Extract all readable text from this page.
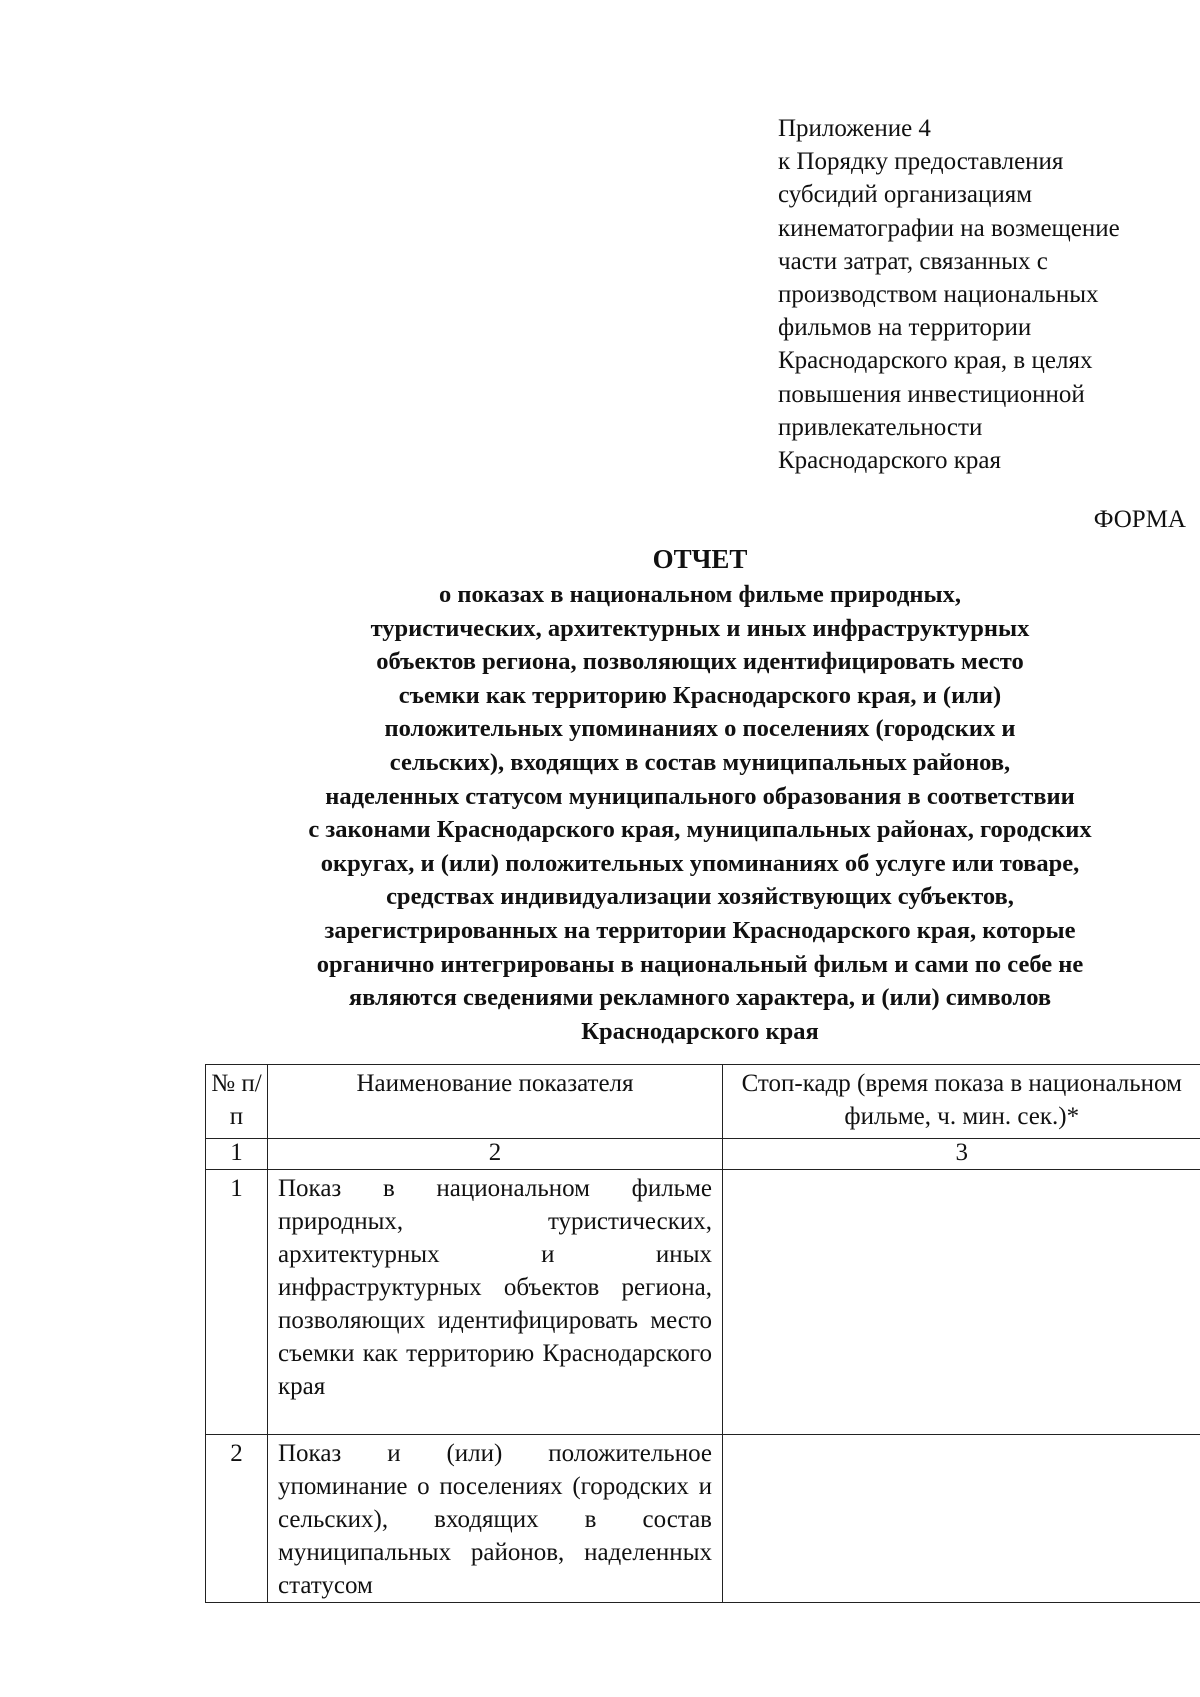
Приложение 4
к Порядку предоставления
субсидий организациям
кинематографии на возмещение
части затрат, связанных с
производством национальных
фильмов на территории
Краснодарского края, в целях
повышения инвестиционной
привлекательности
Краснодарского края
ФОРМА
ОТЧЕТ
о показах в национальном фильме природных,
туристических, архитектурных и иных инфраструктурных
объектов региона, позволяющих идентифицировать место
съемки как территорию Краснодарского края, и (или)
положительных упоминаниях о поселениях (городских и
сельских), входящих в состав муниципальных районов,
наделенных статусом муниципального образования в соответствии
с законами Краснодарского края, муниципальных районах, городских
округах, и (или) положительных упоминаниях об услуге или товаре,
средствах индивидуализации хозяйствующих субъектов,
зарегистрированных на территории Краснодарского края, которые
органично интегрированы в национальный фильм и сами по себе не
являются сведениями рекламного характера, и (или) символов
Краснодарского края
№ п/п	Наименование показателя	Стоп-кадр (время показа в национальном фильме, ч. мин. сек.)*

1	2	3

1	Показ в национальном фильме природных, туристических, архитектурных и иных инфраструктурных объектов региона, позволяющих идентифицировать место съемки как территорию Краснодарского края	

2	Показ и (или) положительное упоминание о поселениях (городских и сельских), входящих в состав муниципальных районов, наделенных статусом	
